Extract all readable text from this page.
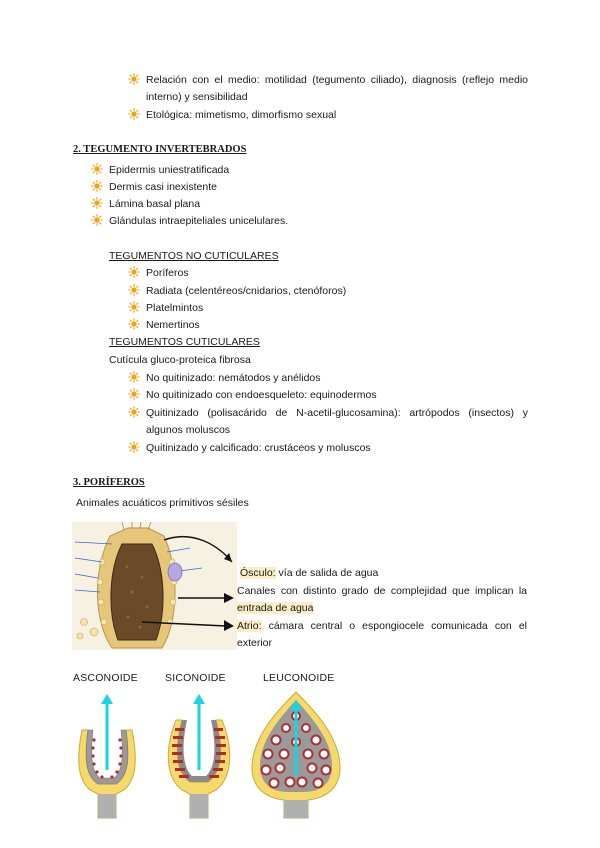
Relación con el medio: motilidad (tegumento ciliado), diagnosis (reflejo medio interno) y sensibilidad
Etológica: mimetismo, dimorfismo sexual
2. TEGUMENTO INVERTEBRADOS
Epidermis uniestratificada
Dermis casi inexistente
Lámina basal plana
Glándulas intraepiteliales unicelulares.
TEGUMENTOS NO CUTICULARES
Poríferos
Radiata (celentéreos/cnidarios, ctenóforos)
Platelmintos
Nemertinos
TEGUMENTOS CUTICULARES
Cutícula gluco-proteica fibrosa
No quitinizado: nemátodos y anélidos
No quitinizado con endoesqueleto: equinodermos
Quitinizado (polisacárido de N-acetil-glucosamina): artrópodos (insectos) y algunos moluscos
Quitinizado y calcificado: crustáceos y moluscos
3. PORÍFEROS
Animales acuáticos primitivos sésiles
Ósculo: vía de salida de agua
Canales con distinto grado de complejidad que implican la entrada de agua
Atrio: cámara central o espongiocele comunicada con el exterior
ASCONOIDE	SICONOIDE	LEUCONOIDE
